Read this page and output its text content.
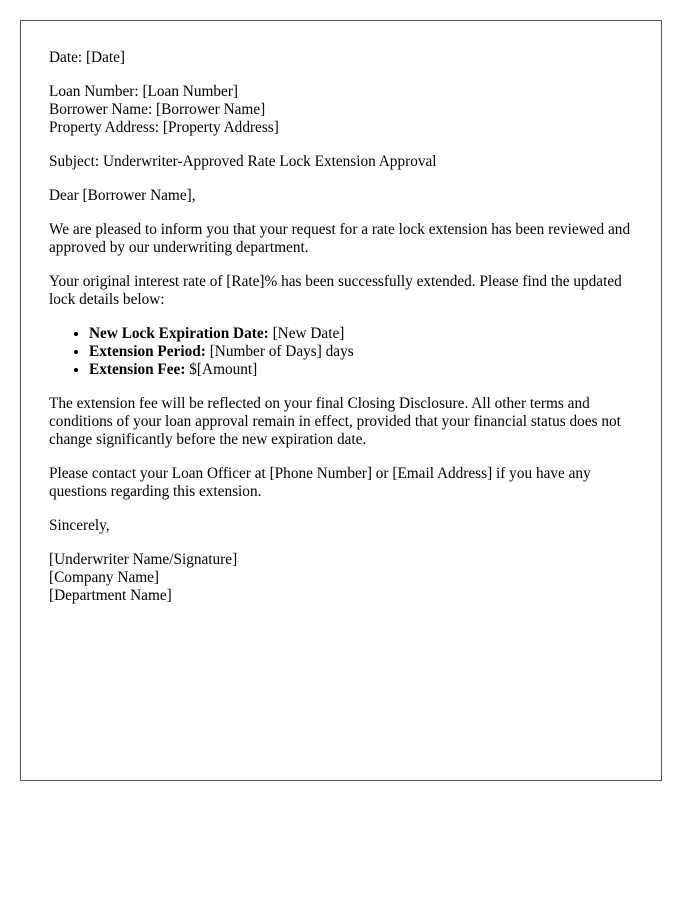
Date: [Date]

Loan Number: [Loan Number]
Borrower Name: [Borrower Name]
Property Address: [Property Address]

Subject: Underwriter-Approved Rate Lock Extension Approval

Dear [Borrower Name],

We are pleased to inform you that your request for a rate lock extension has been reviewed and approved by our underwriting department.

Your original interest rate of [Rate]% has been successfully extended. Please find the updated lock details below:

• New Lock Expiration Date: [New Date]
• Extension Period: [Number of Days] days
• Extension Fee: $[Amount]

The extension fee will be reflected on your final Closing Disclosure. All other terms and conditions of your loan approval remain in effect, provided that your financial status does not change significantly before the new expiration date.

Please contact your Loan Officer at [Phone Number] or [Email Address] if you have any questions regarding this extension.

Sincerely,

[Underwriter Name/Signature]
[Company Name]
[Department Name]
